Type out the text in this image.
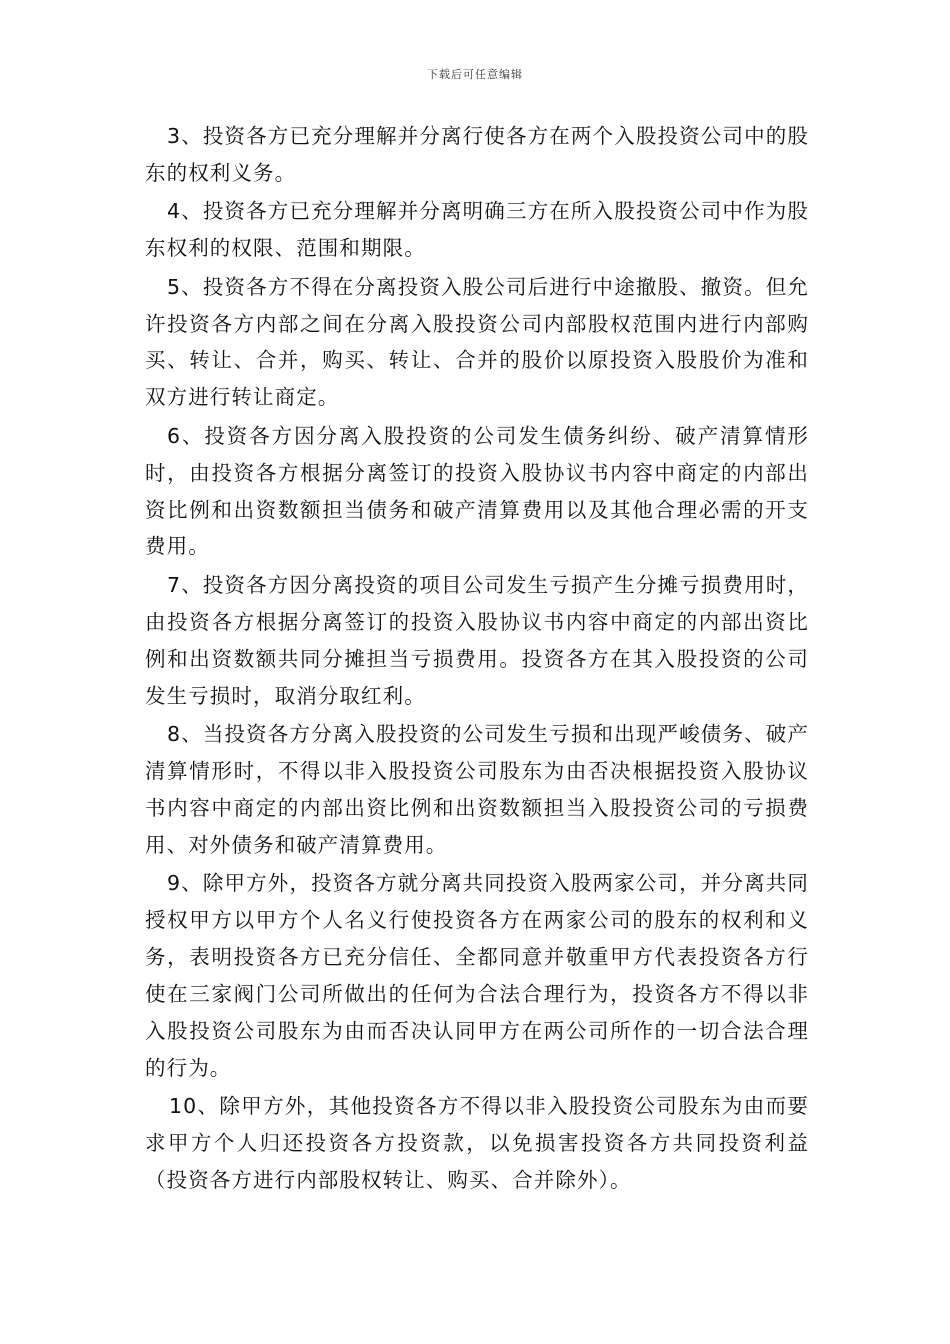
下载后可任意编辑

3、投资各方已充分理解并分离行使各方在两个入股投资公司中的股东的权利义务。

4、投资各方已充分理解并分离明确三方在所入股投资公司中作为股东权利的权限、范围和期限。

5、投资各方不得在分离投资入股公司后进行中途撤股、撤资。但允许投资各方内部之间在分离入股投资公司内部股权范围内进行内部购买、转让、合并，购买、转让、合并的股价以原投资入股股价为准和双方进行转让商定。

6、投资各方因分离入股投资的公司发生债务纠纷、破产清算情形时，由投资各方根据分离签订的投资入股协议书内容中商定的内部出资比例和出资数额担当债务和破产清算费用以及其他合理必需的开支费用。

7、投资各方因分离投资的项目公司发生亏损产生分摊亏损费用时，由投资各方根据分离签订的投资入股协议书内容中商定的内部出资比例和出资数额共同分摊担当亏损费用。投资各方在其入股投资的公司发生亏损时，取消分取红利。

8、当投资各方分离入股投资的公司发生亏损和出现严峻债务、破产清算情形时，不得以非入股投资公司股东为由否决根据投资入股协议书内容中商定的内部出资比例和出资数额担当入股投资公司的亏损费用、对外债务和破产清算费用。

9、除甲方外，投资各方就分离共同投资入股两家公司，并分离共同授权甲方以甲方个人名义行使投资各方在两家公司的股东的权利和义务，表明投资各方已充分信任、全都同意并敬重甲方代表投资各方行使在三家阀门公司所做出的任何为合法合理行为，投资各方不得以非入股投资公司股东为由而否决认同甲方在两公司所作的一切合法合理的行为。

10、除甲方外，其他投资各方不得以非入股投资公司股东为由而要求甲方个人归还投资各方投资款，以免损害投资各方共同投资利益（投资各方进行内部股权转让、购买、合并除外）。
